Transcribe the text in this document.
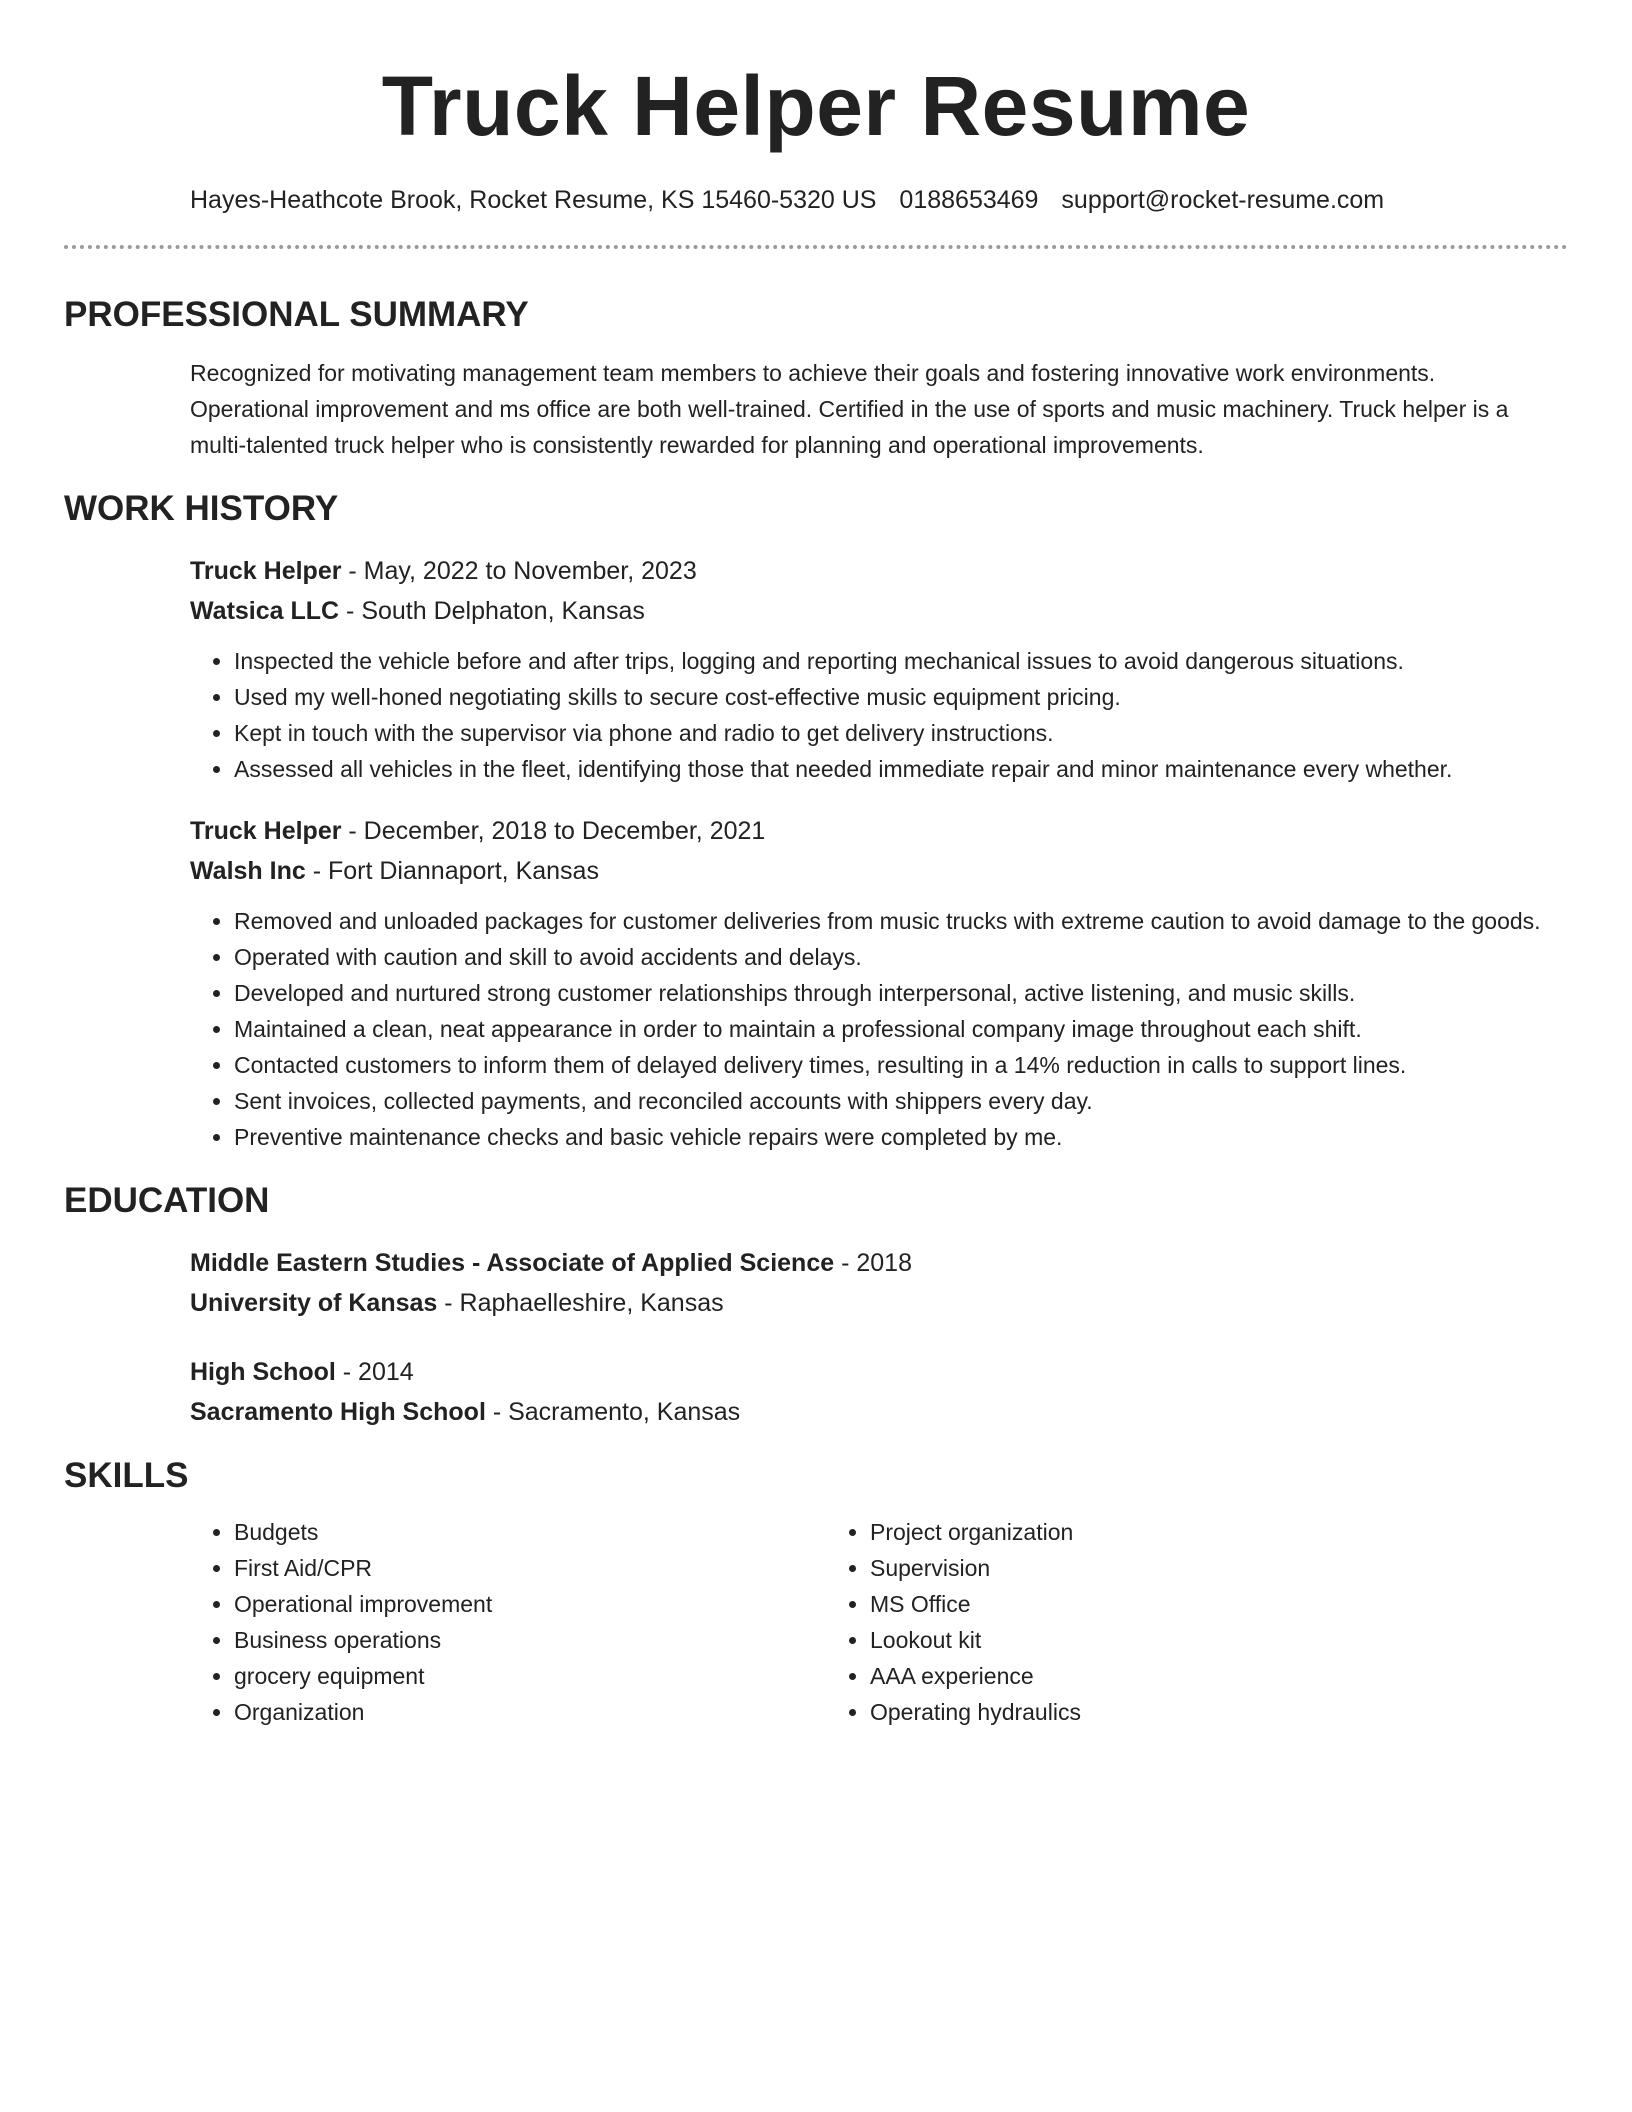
Truck Helper Resume
Hayes-Heathcote Brook, Rocket Resume, KS 15460-5320 US 0188653469 support@rocket-resume.com
PROFESSIONAL SUMMARY

Recognized for motivating management team members to achieve their goals and fostering innovative work environments. Operational improvement and ms office are both well-trained. Certified in the use of sports and music machinery. Truck helper is a multi-talented truck helper who is consistently rewarded for planning and operational improvements.

WORK HISTORY
Truck Helper - May, 2022 to November, 2023
Watsica LLC - South Delphaton, Kansas
• Inspected the vehicle before and after trips, logging and reporting mechanical issues to avoid dangerous situations.
• Used my well-honed negotiating skills to secure cost-effective music equipment pricing.
• Kept in touch with the supervisor via phone and radio to get delivery instructions.
• Assessed all vehicles in the fleet, identifying those that needed immediate repair and minor maintenance every whether.
Truck Helper - December, 2018 to December, 2021
Walsh Inc - Fort Diannaport, Kansas
• Removed and unloaded packages for customer deliveries from music trucks with extreme caution to avoid damage to the goods.
• Operated with caution and skill to avoid accidents and delays.
• Developed and nurtured strong customer relationships through interpersonal, active listening, and music skills.
• Maintained a clean, neat appearance in order to maintain a professional company image throughout each shift.
• Contacted customers to inform them of delayed delivery times, resulting in a 14% reduction in calls to support lines.
• Sent invoices, collected payments, and reconciled accounts with shippers every day.
• Preventive maintenance checks and basic vehicle repairs were completed by me.
EDUCATION
Middle Eastern Studies - Associate of Applied Science - 2018
University of Kansas - Raphaelleshire, Kansas
High School - 2014
Sacramento High School - Sacramento, Kansas
SKILLS
• Budgets
• First Aid/CPR
• Operational improvement
• Business operations
• grocery equipment
• Organization
• Project organization
• Supervision
• MS Office
• Lookout kit
• AAA experience
• Operating hydraulics
